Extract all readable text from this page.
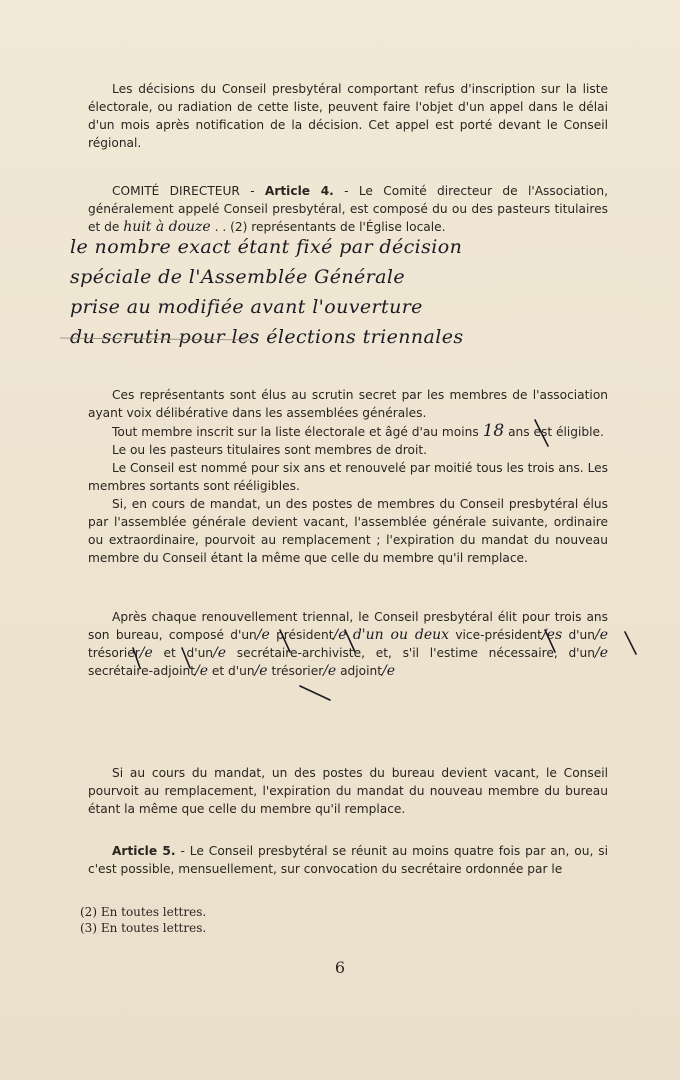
Les décisions du Conseil presbytéral comportant refus d'inscription sur la liste électorale, ou radiation de cette liste, peuvent faire l'objet d'un appel dans le délai d'un mois après notification de la décision. Cet appel est porté devant le Conseil régional.

COMITÉ DIRECTEUR - Article 4. - Le Comité directeur de l'Association, généralement appelé Conseil presbytéral, est composé du ou des pasteurs titulaires et de huit à douze . . (2) représentants de l'Église locale.

le nombre exact étant fixé par décision

spéciale de l'Assemblée Générale

prise au modifiée avant l'ouverture

du scrutin pour les élections triennales

Ces représentants sont élus au scrutin secret par les membres de l'association ayant voix délibérative dans les assemblées générales.

Tout membre inscrit sur la liste électorale et âgé d'au moins 18 ans est éligible.

Le ou les pasteurs titulaires sont membres de droit.

Le Conseil est nommé pour six ans et renouvelé par moitié tous les trois ans. Les membres sortants sont rééligibles.

Si, en cours de mandat, un des postes de membres du Conseil presbytéral élus par l'assemblée générale devient vacant, l'assemblée générale suivante, ordinaire ou extraordinaire, pourvoit au remplacement ; l'expiration du mandat du nouveau membre du Conseil étant la même que celle du membre qu'il remplace.

Après chaque renouvellement triennal, le Conseil presbytéral élit pour trois ans son bureau, composé d'un/e président/e d'un ou deux vice-président/es d'un/e trésorier/e et d'un/e secrétaire-archiviste, et, s'il l'estime nécessaire, d'un/e secrétaire-adjoint/e et d'un/e trésorier/e adjoint/e

Si au cours du mandat, un des postes du bureau devient vacant, le Conseil pourvoit au remplacement, l'expiration du mandat du nouveau membre du bureau étant la même que celle du membre qu'il remplace.

Article 5. - Le Conseil presbytéral se réunit au moins quatre fois par an, ou, si c'est possible, mensuellement, sur convocation du secrétaire ordonnée par le

(2) En toutes lettres.
(3) En toutes lettres.
6
